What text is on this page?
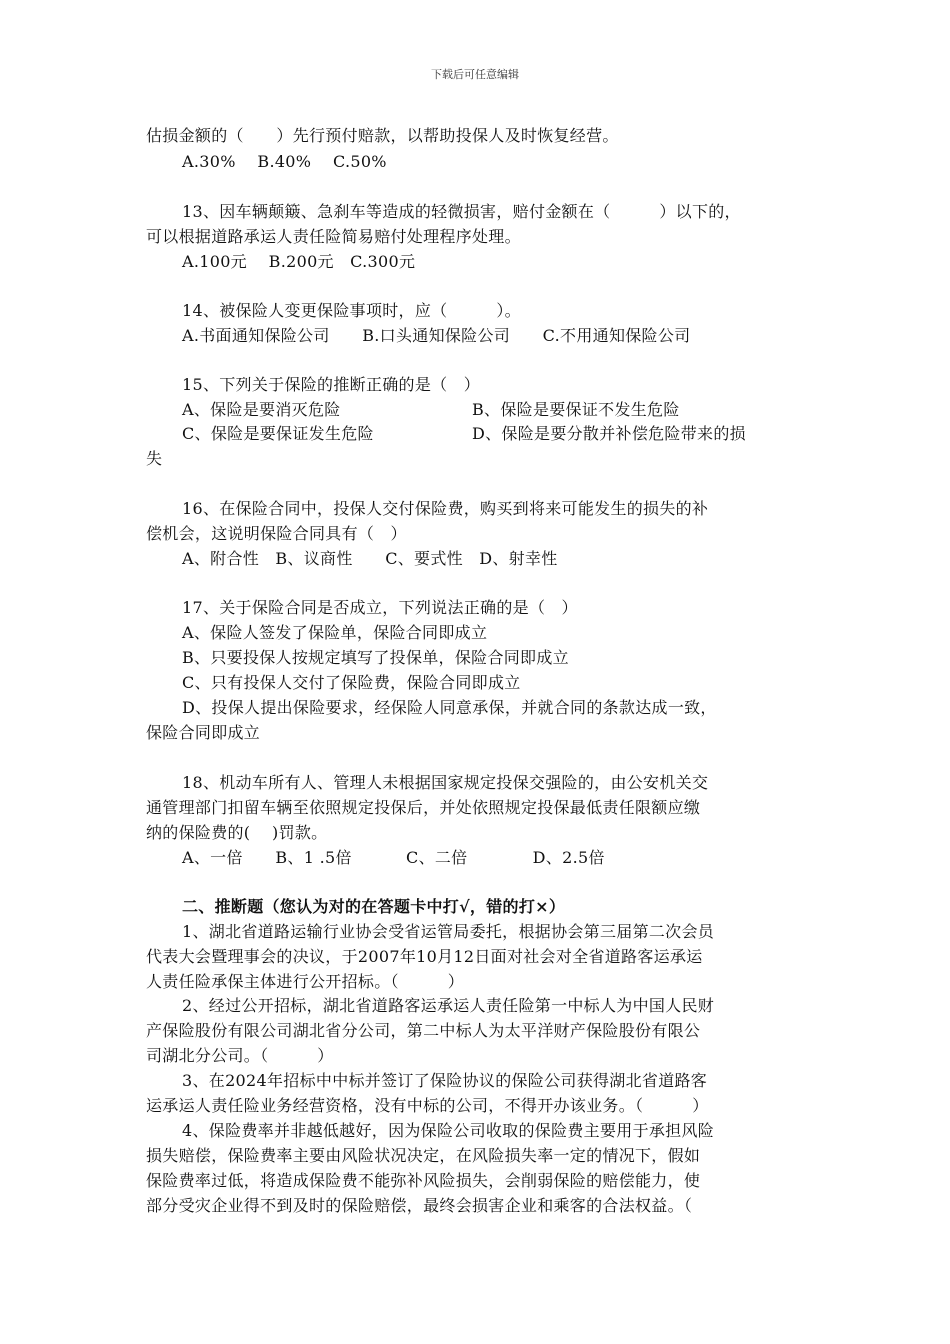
下载后可任意编辑
估损金额的（　　）先行预付赔款，以帮助投保人及时恢复经营。
A.30%　 B.40%　 C.50%
13、因车辆颠簸、急刹车等造成的轻微损害，赔付金额在（　　　）以下的，
可以根据道路承运人责任险简易赔付处理程序处理。
A.100元　 B.200元　C.300元
14、被保险人变更保险事项时，应（　　　）。
A.书面通知保险公司　　B.口头通知保险公司　　C.不用通知保险公司
15、下列关于保险的推断正确的是（　）
A、保险是要消灭危险	B、保险是要保证不发生危险
C、保险是要保证发生危险	D、保险是要分散并补偿危险带来的损
失
16、在保险合同中，投保人交付保险费，购买到将来可能发生的损失的补
偿机会，这说明保险合同具有（　）
A、附合性　B、议商性　　C、要式性　D、射幸性
17、关于保险合同是否成立，下列说法正确的是（　）
A、保险人签发了保险单，保险合同即成立
B、只要投保人按规定填写了投保单，保险合同即成立
C、只有投保人交付了保险费，保险合同即成立
D、投保人提出保险要求，经保险人同意承保，并就合同的条款达成一致，
保险合同即成立
18、机动车所有人、管理人未根据国家规定投保交强险的，由公安机关交
通管理部门扣留车辆至依照规定投保后，并处依照规定投保最低责任限额应缴
纳的保险费的(　 )罚款。
A、一倍　　B、1 .5倍　　　 C、二倍　　　　D、2.5倍
二、推断题（您认为对的在答题卡中打√，错的打×）
1、湖北省道路运输行业协会受省运管局委托，根据协会第三届第二次会员
代表大会暨理事会的决议，于2007年10月12日面对社会对全省道路客运承运
人责任险承保主体进行公开招标。（　　　）
2、经过公开招标，湖北省道路客运承运人责任险第一中标人为中国人民财
产保险股份有限公司湖北省分公司，第二中标人为太平洋财产保险股份有限公
司湖北分公司。（　　　）
3、在2024年招标中中标并签订了保险协议的保险公司获得湖北省道路客
运承运人责任险业务经营资格，没有中标的公司，不得开办该业务。（　　　）
4、保险费率并非越低越好，因为保险公司收取的保险费主要用于承担风险
损失赔偿，保险费率主要由风险状况决定，在风险损失率一定的情况下，假如
保险费率过低，将造成保险费不能弥补风险损失，会削弱保险的赔偿能力，使
部分受灾企业得不到及时的保险赔偿，最终会损害企业和乘客的合法权益。（
